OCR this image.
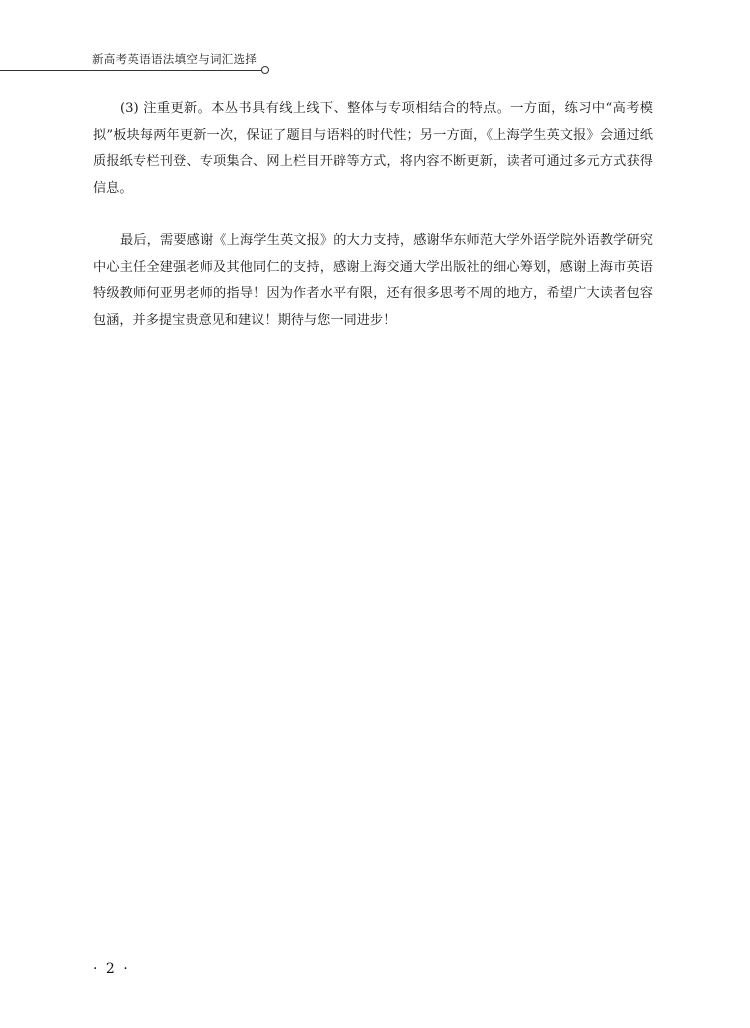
新高考英语语法填空与词汇选择

(3) 注重更新。本丛书具有线上线下、整体与专项相结合的特点。一方面，练习中“高考模拟”板块每两年更新一次，保证了题目与语料的时代性；另一方面，《上海学生英文报》会通过纸质报纸专栏刊登、专项集合、网上栏目开辟等方式，将内容不断更新，读者可通过多元方式获得信息。

最后，需要感谢《上海学生英文报》的大力支持，感谢华东师范大学外语学院外语教学研究中心主任全建强老师及其他同仁的支持，感谢上海交通大学出版社的细心筹划，感谢上海市英语特级教师何亚男老师的指导！因为作者水平有限，还有很多思考不周的地方，希望广大读者包容包涵，并多提宝贵意见和建议！期待与您一同进步！

· 2 ·
